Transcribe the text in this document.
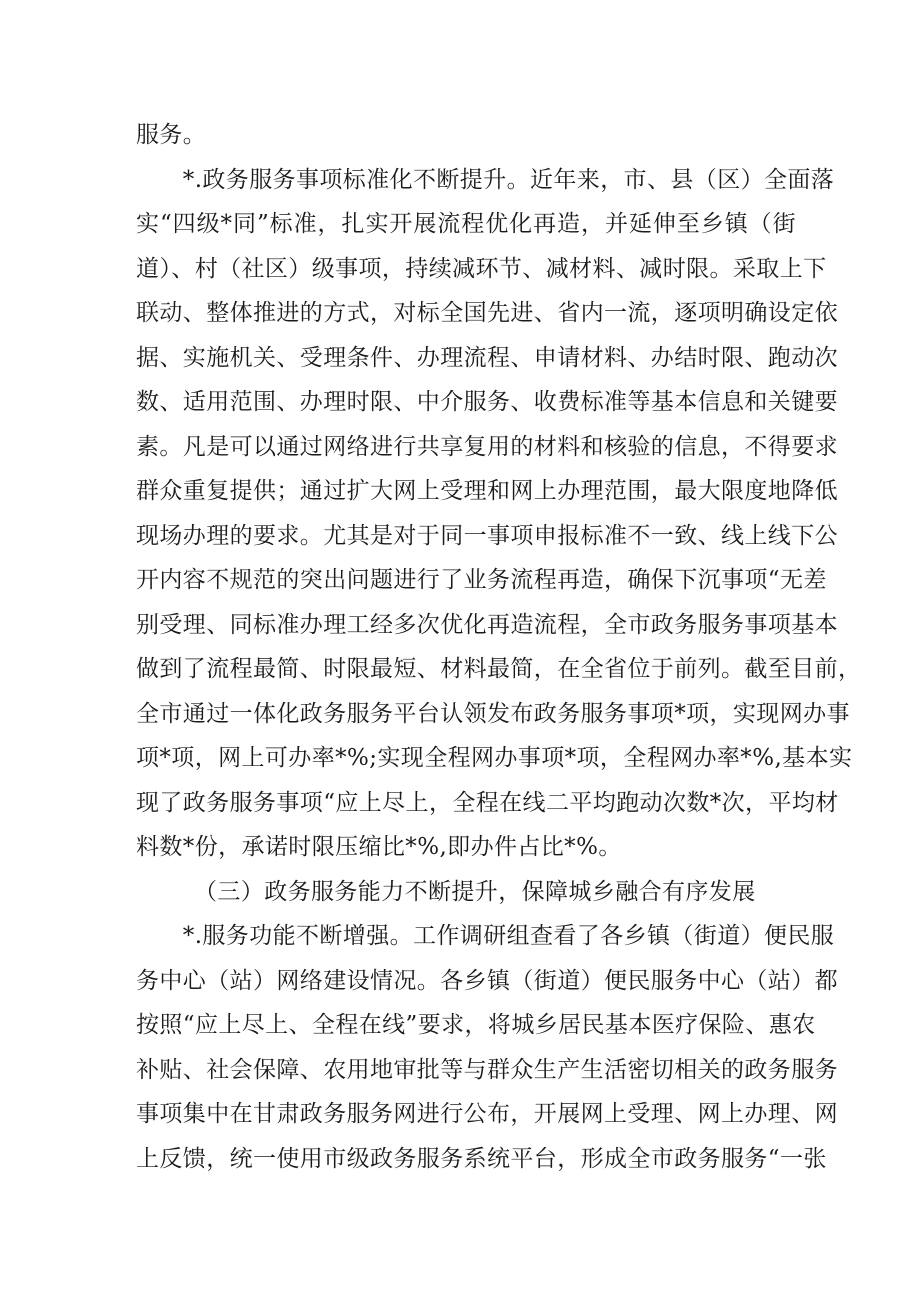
服务。
　　*.政务服务事项标准化不断提升。近年来，市、县（区）全面落
实“四级*同”标准，扎实开展流程优化再造，并延伸至乡镇（街
道）、村（社区）级事项，持续减环节、减材料、减时限。采取上下
联动、整体推进的方式，对标全国先进、省内一流，逐项明确设定依
据、实施机关、受理条件、办理流程、申请材料、办结时限、跑动次
数、适用范围、办理时限、中介服务、收费标准等基本信息和关键要
素。凡是可以通过网络进行共享复用的材料和核验的信息，不得要求
群众重复提供；通过扩大网上受理和网上办理范围，最大限度地降低
现场办理的要求。尤其是对于同一事项申报标准不一致、线上线下公
开内容不规范的突出问题进行了业务流程再造，确保下沉事项“无差
别受理、同标准办理工经多次优化再造流程，全市政务服务事项基本
做到了流程最简、时限最短、材料最简，在全省位于前列。截至目前，
全市通过一体化政务服务平台认领发布政务服务事项*项，实现网办事
项*项，网上可办率*%;实现全程网办事项*项，全程网办率*%,基本实
现了政务服务事项“应上尽上，全程在线二平均跑动次数*次，平均材
料数*份，承诺时限压缩比*%,即办件占比*%。
（三）政务服务能力不断提升，保障城乡融合有序发展
　　*.服务功能不断增强。工作调研组查看了各乡镇（街道）便民服
务中心（站）网络建设情况。各乡镇（街道）便民服务中心（站）都
按照“应上尽上、全程在线”要求，将城乡居民基本医疗保险、惠农
补贴、社会保障、农用地审批等与群众生产生活密切相关的政务服务
事项集中在甘肃政务服务网进行公布，开展网上受理、网上办理、网
上反馈，统一使用市级政务服务系统平台，形成全市政务服务“一张
